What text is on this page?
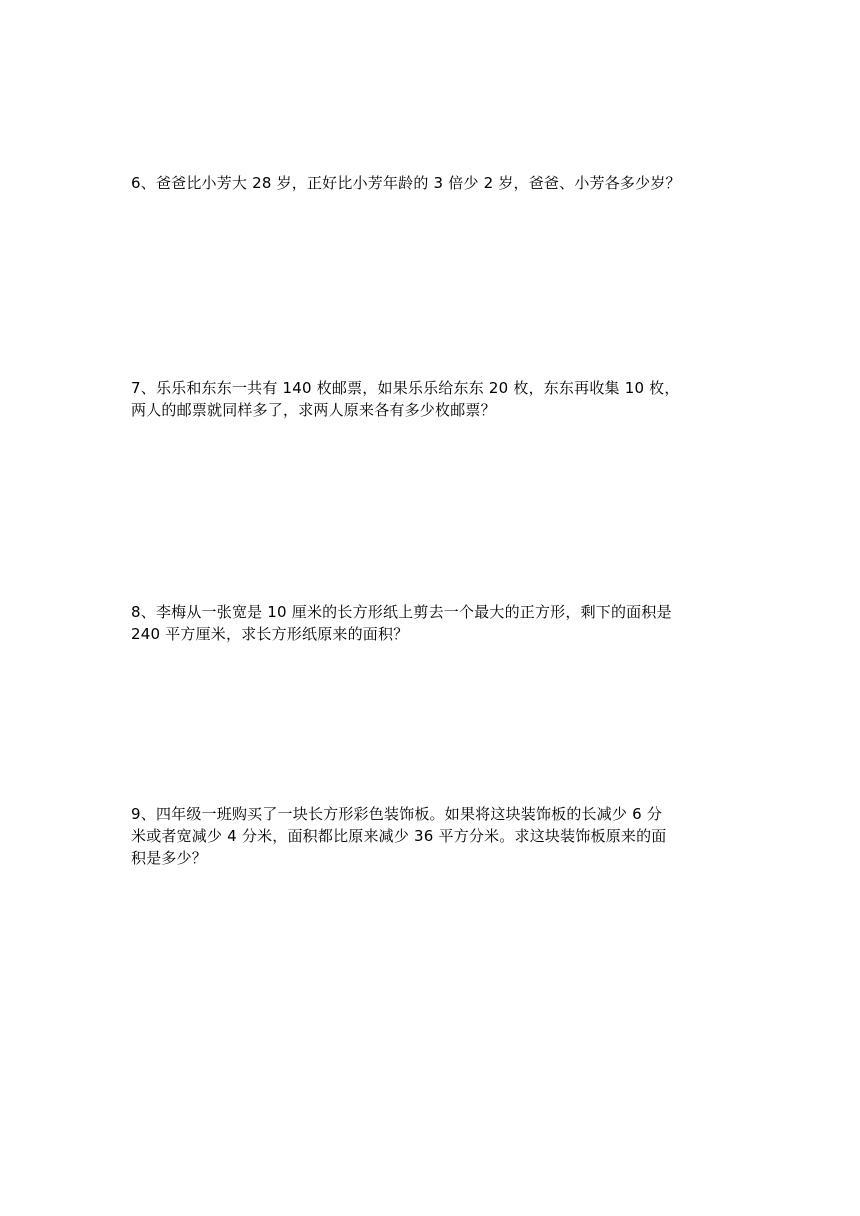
6、爸爸比小芳大 28 岁，正好比小芳年龄的 3 倍少 2 岁，爸爸、小芳各多少岁？
7、乐乐和东东一共有 140 枚邮票，如果乐乐给东东 20 枚，东东再收集 10 枚，
两人的邮票就同样多了，求两人原来各有多少枚邮票？
8、李梅从一张宽是 10 厘米的长方形纸上剪去一个最大的正方形，剩下的面积是
240 平方厘米，求长方形纸原来的面积？
9、四年级一班购买了一块长方形彩色装饰板。如果将这块装饰板的长减少 6 分
米或者宽减少 4 分米，面积都比原来减少 36 平方分米。求这块装饰板原来的面
积是多少？
